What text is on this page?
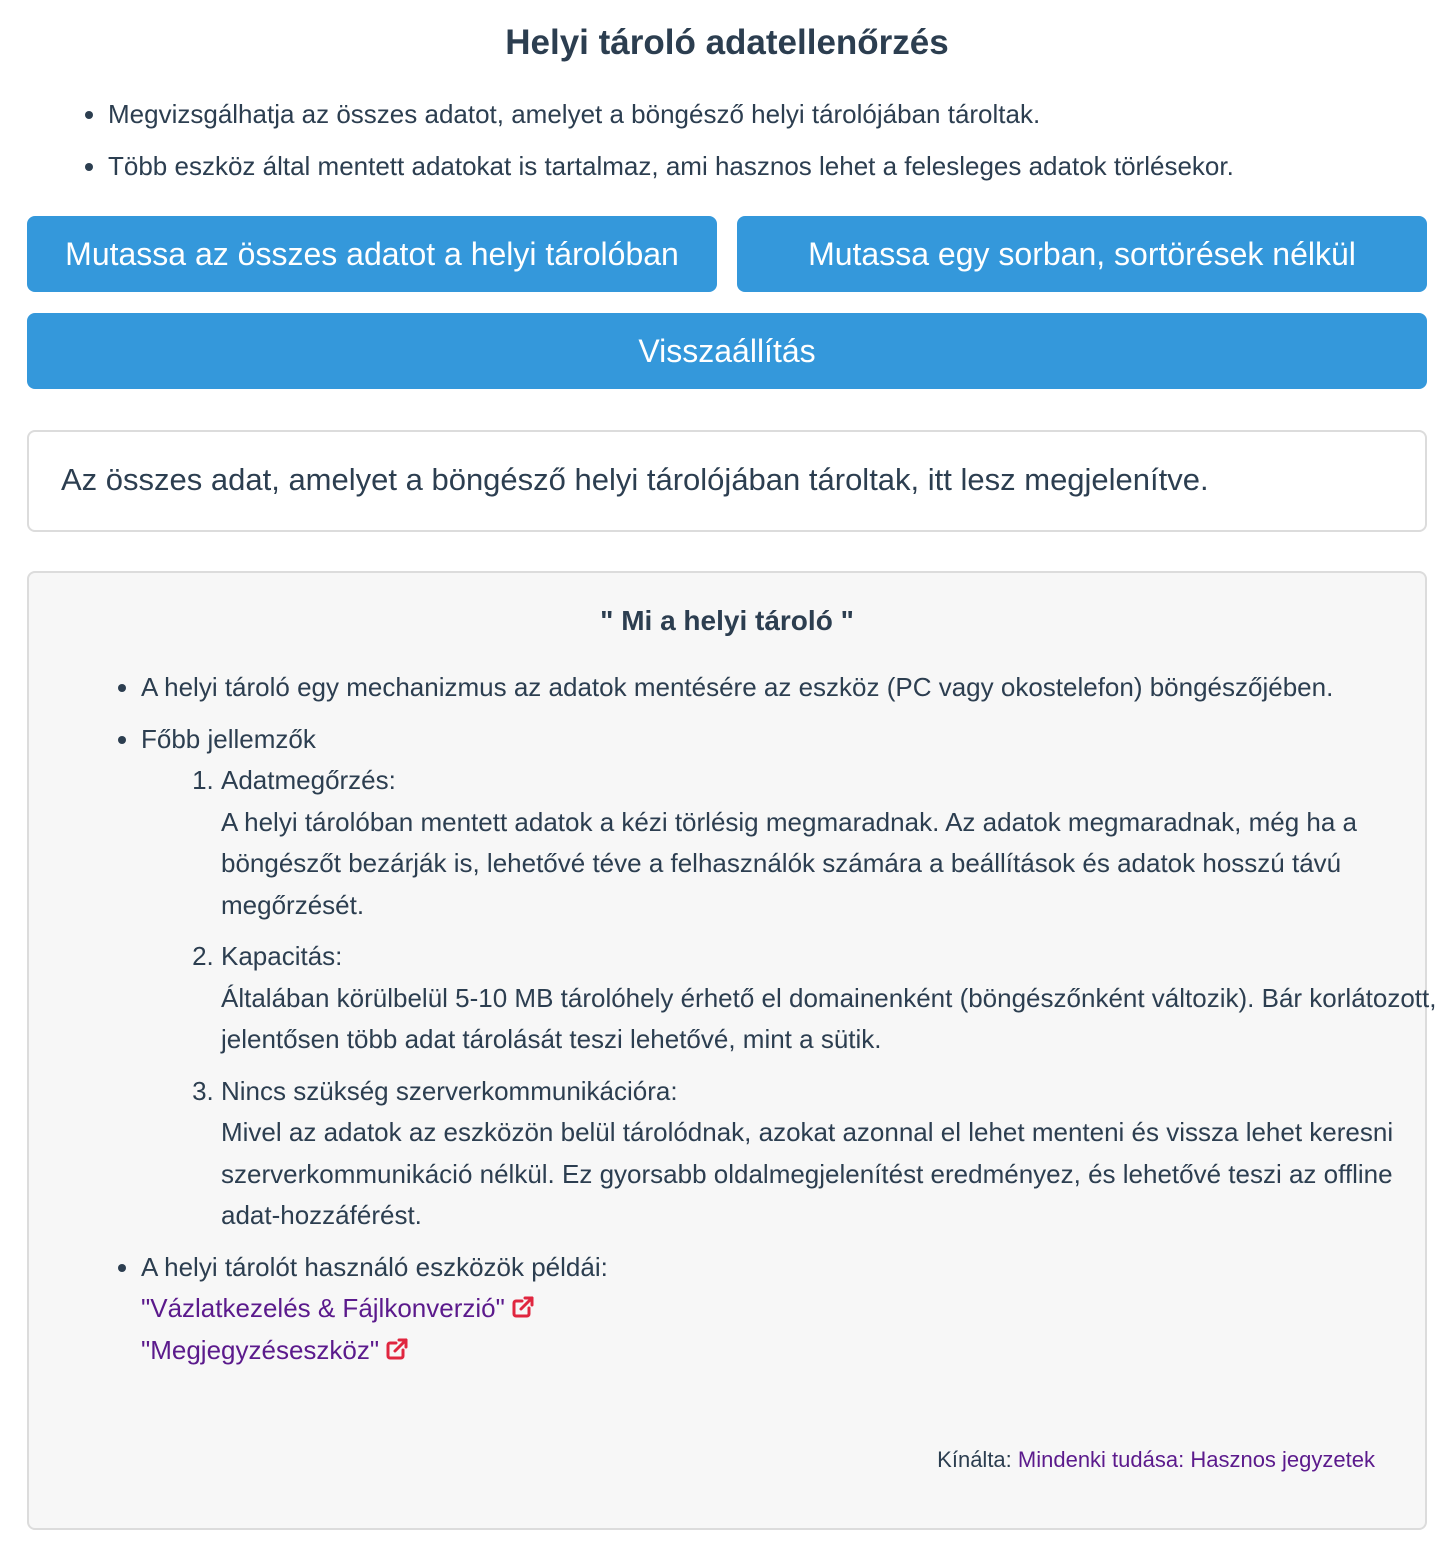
Helyi tároló adatellenőrzés
• Megvizsgálhatja az összes adatot, amelyet a böngésző helyi tárolójában tároltak.
• Több eszköz által mentett adatokat is tartalmaz, ami hasznos lehet a felesleges adatok törlésekor.
Mutassa az összes adatot a helyi tárolóban	Mutassa egy sorban, sortörések nélkül
Visszaállítás
Az összes adat, amelyet a böngésző helyi tárolójában tároltak, itt lesz megjelenítve.
" Mi a helyi tároló "
• A helyi tároló egy mechanizmus az adatok mentésére az eszköz (PC vagy okostelefon) böngészőjében.
• Főbb jellemzők
1. Adatmegőrzés:
A helyi tárolóban mentett adatok a kézi törlésig megmaradnak. Az adatok megmaradnak, még ha a böngészőt bezárják is, lehetővé téve a felhasználók számára a beállítások és adatok hosszú távú megőrzését.
2. Kapacitás:
Általában körülbelül 5-10 MB tárolóhely érhető el domainenként (böngészőnként változik). Bár korlátozott, jelentősen több adat tárolását teszi lehetővé, mint a sütik.
3. Nincs szükség szerverkommunikációra:
Mivel az adatok az eszközön belül tárolódnak, azokat azonnal el lehet menteni és vissza lehet keresni szerverkommunikáció nélkül. Ez gyorsabb oldalmegjelenítést eredményez, és lehetővé teszi az offline adat-hozzáférést.
• A helyi tárolót használó eszközök példái:
"Vázlatkezelés & Fájlkonverzió"
"Megjegyzéseszköz"
Kínálta: Mindenki tudása: Hasznos jegyzetek
